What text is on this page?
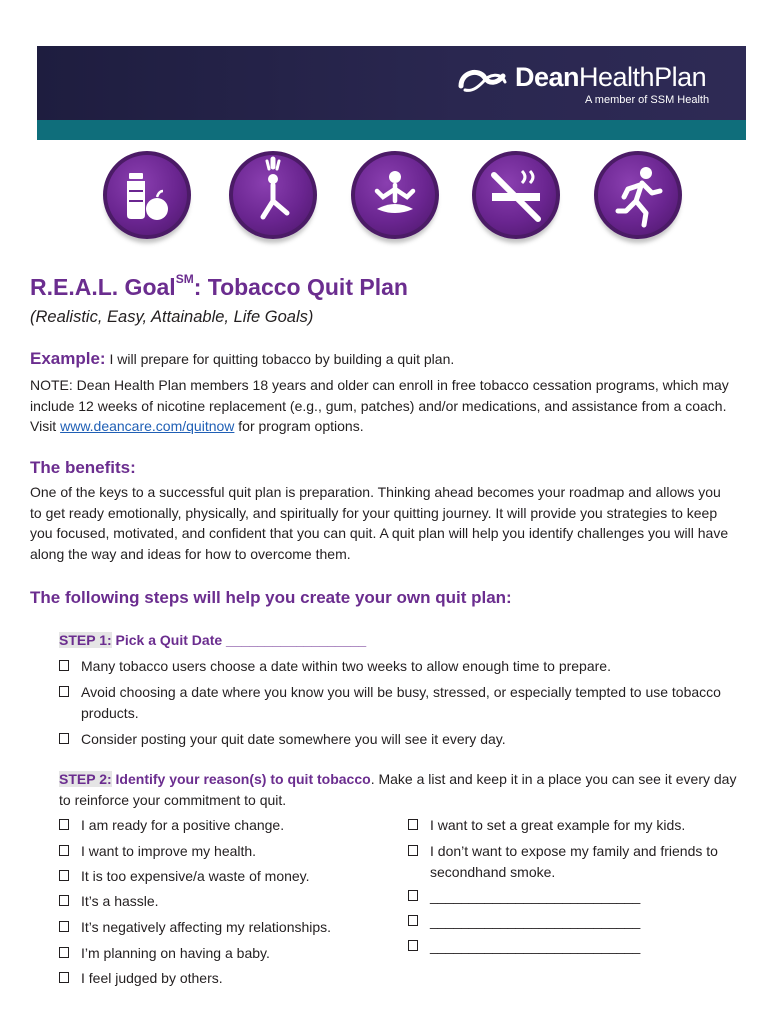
DeanHealthPlan
A member of SSM Health
R.E.A.L. Goal℠: Tobacco Quit Plan
(Realistic, Easy, Attainable, Life Goals)
Example: I will prepare for quitting tobacco by building a quit plan.
NOTE: Dean Health Plan members 18 years and older can enroll in free tobacco cessation programs, which may include 12 weeks of nicotine replacement (e.g., gum, patches) and/or medications, and assistance from a coach. Visit www.deancare.com/quitnow for program options.
The benefits:
One of the keys to a successful quit plan is preparation. Thinking ahead becomes your roadmap and allows you to get ready emotionally, physically, and spiritually for your quitting journey. It will provide you strategies to keep you focused, motivated, and confident that you can quit. A quit plan will help you identify challenges you will have along the way and ideas for how to overcome them.
The following steps will help you create your own quit plan:
STEP 1: Pick a Quit Date __________________
Many tobacco users choose a date within two weeks to allow enough time to prepare.
Avoid choosing a date where you know you will be busy, stressed, or especially tempted to use tobacco products.
Consider posting your quit date somewhere you will see it every day.
STEP 2: Identify your reason(s) to quit tobacco. Make a list and keep it in a place you can see it every day to reinforce your commitment to quit.
I am ready for a positive change.
I want to improve my health.
It is too expensive/a waste of money.
It’s a hassle.
It’s negatively affecting my relationships.
I’m planning on having a baby.
I feel judged by others.
I want to set a great example for my kids.
I don’t want to expose my family and friends to secondhand smoke.
___________________________
___________________________
___________________________
